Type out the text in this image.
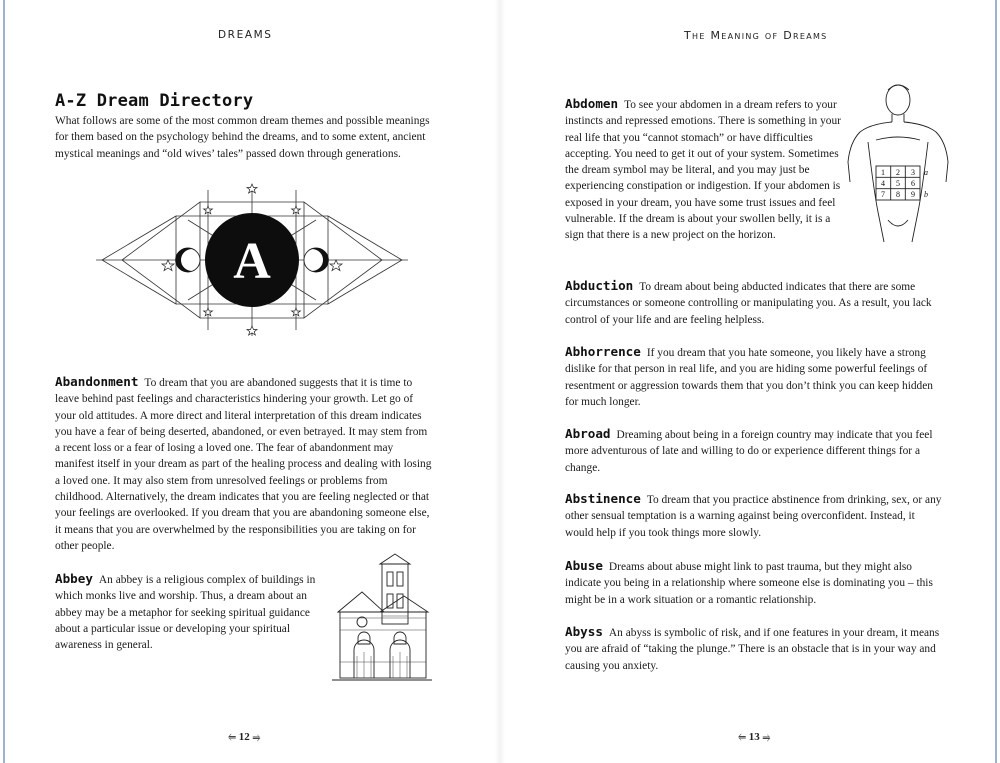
DREAMS
A-Z Dream Directory

What follows are some of the most common dream themes and possible meanings for them based on the psychology behind the dreams, and to some extent, ancient mystical meanings and “old wives’ tales” passed down through generations.

A

Abandonment To dream that you are abandoned suggests that it is time to leave behind past feelings and characteristics hindering your growth. Let go of your old attitudes. A more direct and literal interpretation of this dream indicates you have a fear of being deserted, abandoned, or even betrayed. It may stem from a recent loss or a fear of losing a loved one. The fear of abandonment may manifest itself in your dream as part of the healing process and dealing with losing a loved one. It may also stem from unresolved feelings or problems from childhood. Alternatively, the dream indicates that you are feeling neglected or that your feelings are overlooked. If you dream that you are abandoning someone else, it means that you are overwhelmed by the responsibilities you are taking on for other people.

Abbey An abbey is a religious complex of buildings in which monks live and worship. Thus, a dream about an abbey may be a metaphor for seeking spiritual guidance about a particular issue or developing your spiritual awareness in general.

⥢ 12 ⥤
The Meaning of Dreams

Abdomen To see your abdomen in a dream refers to your instincts and repressed emotions. There is something in your real life that you “cannot stomach” or have difficulties accepting. You need to get it out of your system. Sometimes the dream symbol may be literal, and you may just be experiencing constipation or indigestion. If your abdomen is exposed in your dream, you have some trust issues and feel vulnerable. If the dream is about your swollen belly, it is a sign that there is a new project on the horizon.

1 2 3
4 5 6
7 8 9
a
b

Abduction To dream about being abducted indicates that there are some circumstances or someone controlling or manipulating you. As a result, you lack control of your life and are feeling helpless.

Abhorrence If you dream that you hate someone, you likely have a strong dislike for that person in real life, and you are hiding some powerful feelings of resentment or aggression towards them that you don’t think you can keep hidden for much longer.

Abroad Dreaming about being in a foreign country may indicate that you feel more adventurous of late and willing to do or experience different things for a change.

Abstinence To dream that you practice abstinence from drinking, sex, or any other sensual temptation is a warning against being overconfident. Instead, it would help if you took things more slowly.

Abuse Dreams about abuse might link to past trauma, but they might also indicate you being in a relationship where someone else is dominating you – this might be in a work situation or a romantic relationship.

Abyss An abyss is symbolic of risk, and if one features in your dream, it means you are afraid of “taking the plunge.” There is an obstacle that is in your way and causing you anxiety.

⥢ 13 ⥤
